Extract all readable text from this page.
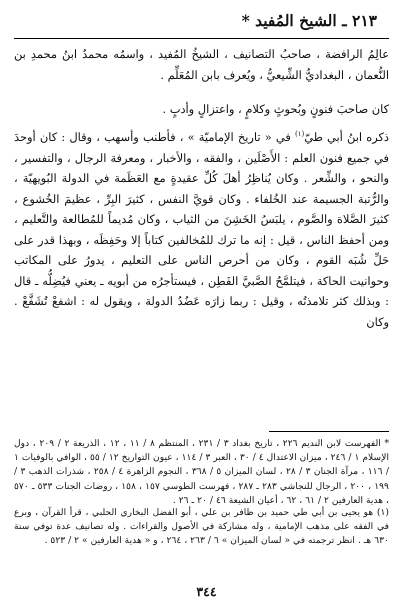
٢١٣ ـ الشيخ المُفيد *
عالِمُ الرافضة ، صاحبُ التصانيف ، الشيخُ المُفيد ، واسمُه محمدُ ابنُ محمدِ بن النُّعمان ، البغداديُّ الشِّيعيُّ ، ويُعرف بابن المُعَلِّم .
كان صاحبَ فنونٍ وبُحوثٍ وكلامٍ ، واعتزالٍ وأدبٍ .
ذكره ابنُ أبي طيّ$^{(١)}$ في « تاريخ الإماميّة » ، فأطنب وأسهب ، وقال : كان أوحدَ في جميع فنون العلم : الأَصْلَين ، والفقه ، والأخبار ، ومعرفة الرجال ، والتفسير ، والنحو ، والشِّعر . وكان يُناظِرُ أهلَ كُلِّ عقيدةٍ مع العَظَمة في الدولة البُويهيّة ، والرُّتبة الجسيمة عند الخُلفاء . وكان قويَّ النفس ، كثيرَ البِرِّ ، عظيمَ الخُشوع ، كثيرَ الصَّلاة والصَّوم ، يلبَسُ الخَشِنَ من الثياب ، وكان مُديماً للمُطالعة والتَّعليم ، ومن أحفظ الناس ، قيل : إنه ما ترك للمُخالفين كتاباً إلا وحَفِظَه ، وبهذا قدر على حَلِّ شُبَه القوم ، وكان من أحرص الناس على التعليم ، يدورُ على المكاتب وحوانيت الحاكة ، فيتلمَّحُ الصَّبيَّ الفَطِن ، فيستأجرُه من أبويه ـ يعني فيُضِلُّه ـ قال : وبذلك كثر تلامذتُه ، وقيل : ربما زارَه عَضُدُ الدولة ، ويقول له : اشفعْ تُشَفَّعْ . وكان
* الفهرست لابن النديم ٢٢٦ ، تاريخ بغداد ٣ / ٢٣١ ، المنتظم ٨ / ١١ ، ١٢ ، الذريعة ٢ / ٢٠٩ ، دول الإسلام ١ / ٢٤٦ ، ميزان الاعتدال ٤ / ٣٠ ، العبر ٣ / ١١٤ ، عيون التواريخ ١٢ / ٥٥ ، الوافي بالوفيات ١ / ١١٦ ، مرآة الجنان ٣ / ٢٨ ، لسان الميزان ٥ / ٣٦٨ ، النجوم الزاهرة ٤ / ٢٥٨ ، شذرات الذهب ٣ / ١٩٩ ، ٢٠٠ ، الرجال للنجاشي ٢٨٣ ـ ٢٨٧ ، فهرست الطوسي ١٥٧ ، ١٥٨ ، روضات الجنات ٥٣٣ ـ ٥٧٠ ، هدية العارفين ٢ / ٦١ ، ٦٢ ، أعيان الشيعة ٤٦ / ٢٠ ـ ٢٦ .
(١) هو يحيى بن أبي طي حميد بن ظافر بن علي ، أبو الفضل البخاري الحلبي ، قرأ القرآن ، وبرع في الفقه على مذهب الإمامية ، وله مشاركة في الأصول والقراءات . وله تصانيف عدة توفي سنة ٦٣٠ هـ . انظر ترجمته في « لسان الميزان » ٦ / ٢٦٣ ، ٢٦٤ ، و « هدية العارفين » ٢ / ٥٢٣ .
٣٤٤
